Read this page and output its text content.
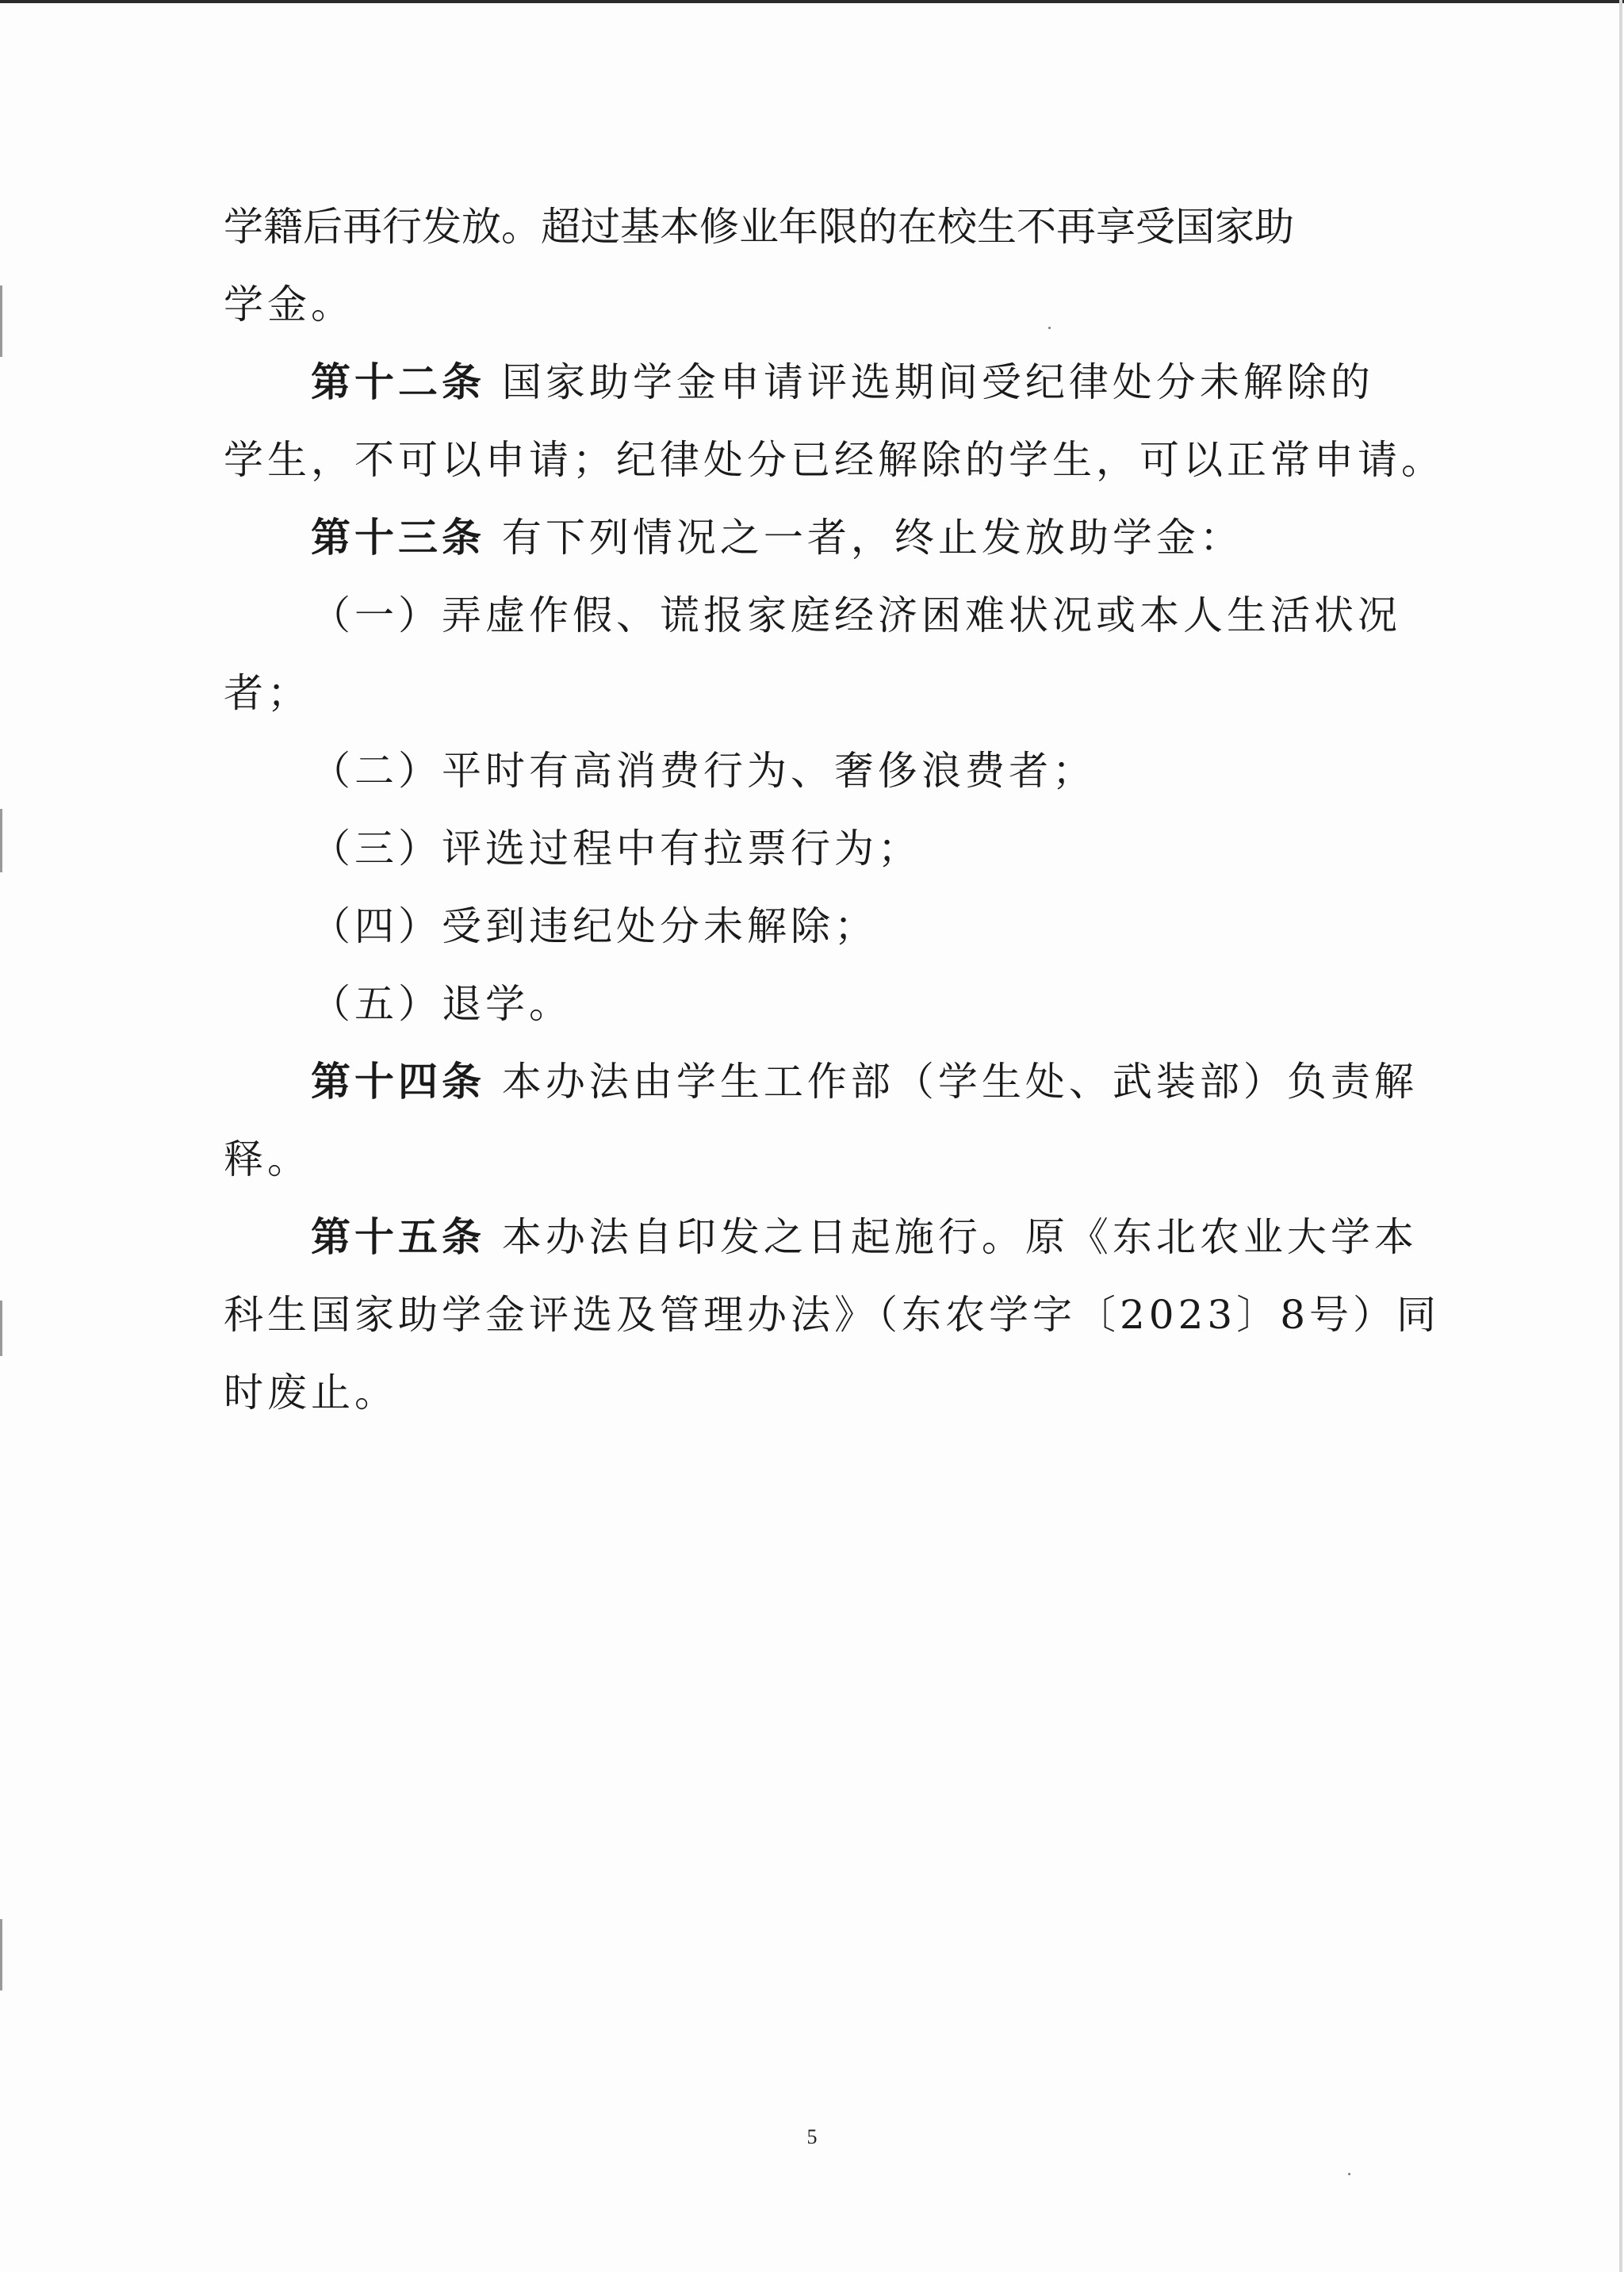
学籍后再行发放。超过基本修业年限的在校生不再享受国家助
学金。
第十二条 国家助学金申请评选期间受纪律处分未解除的
学生，不可以申请；纪律处分已经解除的学生，可以正常申请。
第十三条 有下列情况之一者，终止发放助学金：
（一）弄虚作假、谎报家庭经济困难状况或本人生活状况
者；
（二）平时有高消费行为、奢侈浪费者；
（三）评选过程中有拉票行为；
（四）受到违纪处分未解除；
（五）退学。
第十四条 本办法由学生工作部（学生处、武装部）负责解
释。
第十五条 本办法自印发之日起施行。原《东北农业大学本
科生国家助学金评选及管理办法》（东农学字〔2023〕8号）同
时废止。
5
